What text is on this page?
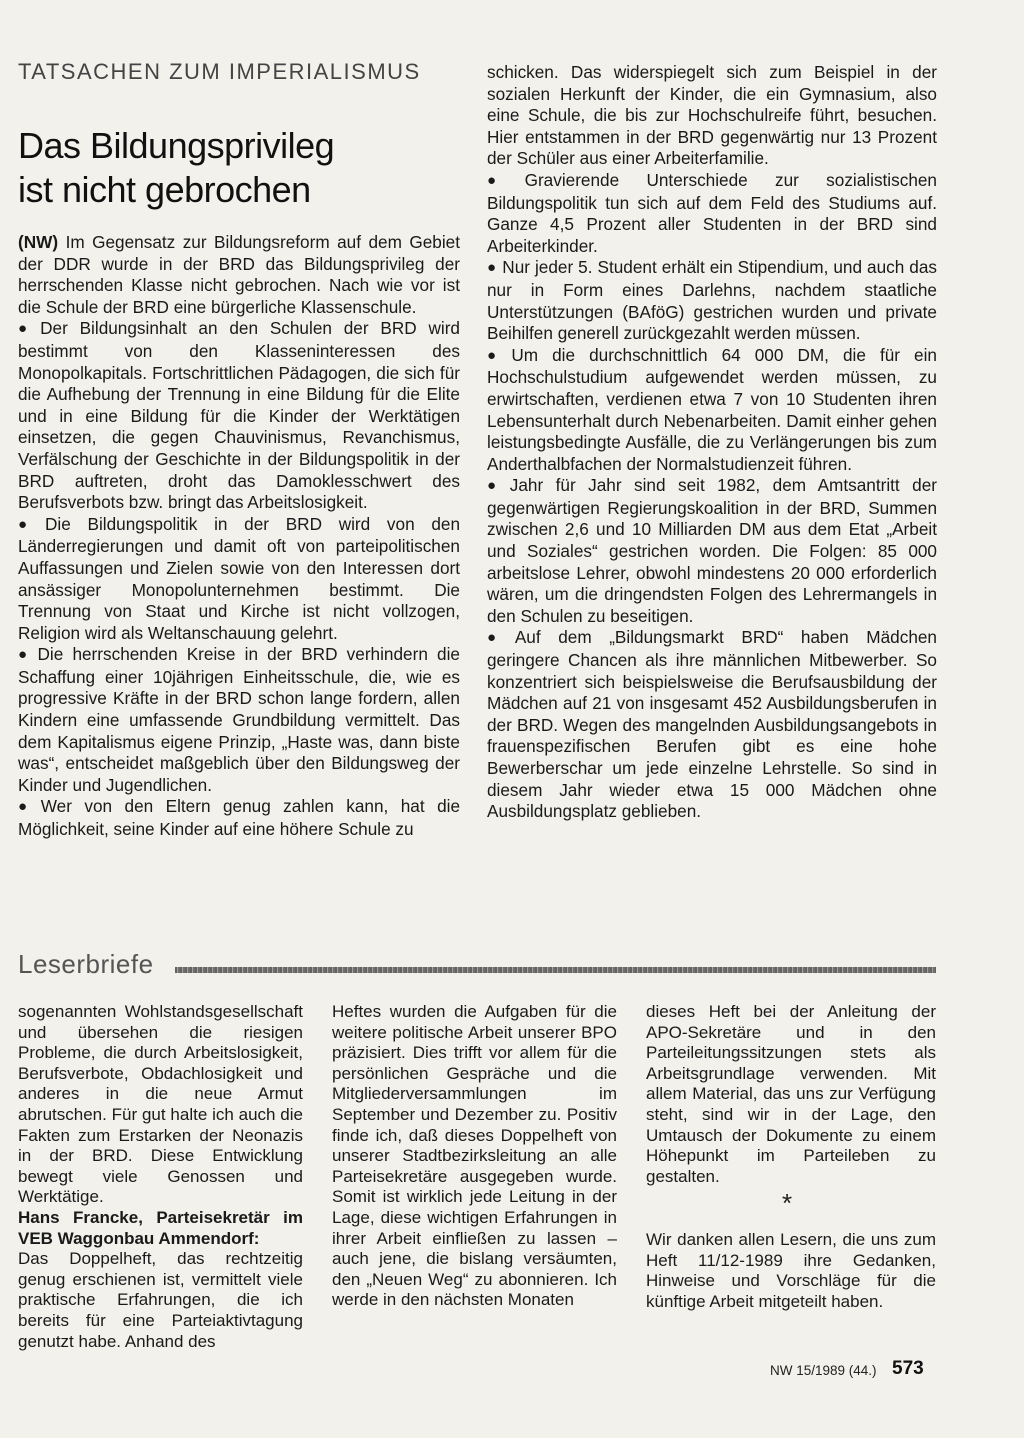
TATSACHEN ZUM IMPERIALISMUS
Das Bildungsprivileg
ist nicht gebrochen

(NW) Im Gegensatz zur Bildungsreform auf dem Gebiet der DDR wurde in der BRD das Bildungsprivileg der herrschenden Klasse nicht gebrochen. Nach wie vor ist die Schule der BRD eine bürgerliche Klassenschule.

● Der Bildungsinhalt an den Schulen der BRD wird bestimmt von den Klasseninteressen des Monopolkapitals. Fortschrittlichen Pädagogen, die sich für die Aufhebung der Trennung in eine Bildung für die Elite und in eine Bildung für die Kinder der Werktätigen einsetzen, die gegen Chauvinismus, Revanchismus, Verfälschung der Geschichte in der Bildungspolitik in der BRD auftreten, droht das Damoklesschwert des Berufsverbots bzw. bringt das Arbeitslosigkeit.

● Die Bildungspolitik in der BRD wird von den Länderregierungen und damit oft von parteipolitischen Auffassungen und Zielen sowie von den Interessen dort ansässiger Monopolunternehmen bestimmt. Die Trennung von Staat und Kirche ist nicht vollzogen, Religion wird als Weltanschauung gelehrt.

● Die herrschenden Kreise in der BRD verhindern die Schaffung einer 10jährigen Einheitsschule, die, wie es progressive Kräfte in der BRD schon lange fordern, allen Kindern eine umfassende Grundbildung vermittelt. Das dem Kapitalismus eigene Prinzip, „Haste was, dann biste was“, entscheidet maßgeblich über den Bildungsweg der Kinder und Jugendlichen.

● Wer von den Eltern genug zahlen kann, hat die Möglichkeit, seine Kinder auf eine höhere Schule zu

schicken. Das widerspiegelt sich zum Beispiel in der sozialen Herkunft der Kinder, die ein Gymnasium, also eine Schule, die bis zur Hochschulreife führt, besuchen. Hier entstammen in der BRD gegenwärtig nur 13 Prozent der Schüler aus einer Arbeiterfamilie.

● Gravierende Unterschiede zur sozialistischen Bildungspolitik tun sich auf dem Feld des Studiums auf. Ganze 4,5 Prozent aller Studenten in der BRD sind Arbeiterkinder.

● Nur jeder 5. Student erhält ein Stipendium, und auch das nur in Form eines Darlehns, nachdem staatliche Unterstützungen (BAföG) gestrichen wurden und private Beihilfen generell zurückgezahlt werden müssen.

● Um die durchschnittlich 64 000 DM, die für ein Hochschulstudium aufgewendet werden müssen, zu erwirtschaften, verdienen etwa 7 von 10 Studenten ihren Lebensunterhalt durch Nebenarbeiten. Damit einher gehen leistungsbedingte Ausfälle, die zu Verlängerungen bis zum Anderthalbfachen der Normalstudienzeit führen.

● Jahr für Jahr sind seit 1982, dem Amtsantritt der gegenwärtigen Regierungskoalition in der BRD, Summen zwischen 2,6 und 10 Milliarden DM aus dem Etat „Arbeit und Soziales“ gestrichen worden. Die Folgen: 85 000 arbeitslose Lehrer, obwohl mindestens 20 000 erforderlich wären, um die dringendsten Folgen des Lehrermangels in den Schulen zu beseitigen.

● Auf dem „Bildungsmarkt BRD“ haben Mädchen geringere Chancen als ihre männlichen Mitbewerber. So konzentriert sich beispielsweise die Berufsausbildung der Mädchen auf 21 von insgesamt 452 Ausbildungsberufen in der BRD. Wegen des mangelnden Ausbildungsangebots in frauenspezifischen Berufen gibt es eine hohe Bewerberschar um jede einzelne Lehrstelle. So sind in diesem Jahr wieder etwa 15 000 Mädchen ohne Ausbildungsplatz geblieben.

Leserbriefe

sogenannten Wohlstandsgesellschaft und übersehen die riesigen Probleme, die durch Arbeitslosigkeit, Berufsverbote, Obdachlosigkeit und anderes in die neue Armut abrutschen. Für gut halte ich auch die Fakten zum Erstarken der Neonazis in der BRD. Diese Entwicklung bewegt viele Genossen und Werktätige.

Hans Francke, Parteisekretär im VEB Waggonbau Ammendorf:

Das Doppelheft, das rechtzeitig genug erschienen ist, vermittelt viele praktische Erfahrungen, die ich bereits für eine Parteiaktivtagung genutzt habe. Anhand des

Heftes wurden die Aufgaben für die weitere politische Arbeit unserer BPO präzisiert. Dies trifft vor allem für die persönlichen Gespräche und die Mitgliederversammlungen im September und Dezember zu. Positiv finde ich, daß dieses Doppelheft von unserer Stadtbezirksleitung an alle Parteisekretäre ausgegeben wurde. Somit ist wirklich jede Leitung in der Lage, diese wichtigen Erfahrungen in ihrer Arbeit einfließen zu lassen – auch jene, die bislang versäumten, den „Neuen Weg“ zu abonnieren. Ich werde in den nächsten Monaten

dieses Heft bei der Anleitung der APO-Sekretäre und in den Parteileitungssitzungen stets als Arbeitsgrundlage verwenden. Mit allem Material, das uns zur Verfügung steht, sind wir in der Lage, den Umtausch der Dokumente zu einem Höhepunkt im Parteileben zu gestalten.

*
Wir danken allen Lesern, die uns zum Heft 11/12-1989 ihre Gedanken, Hinweise und Vorschläge für die künftige Arbeit mitgeteilt haben.
NW 15/1989 (44.) 573
